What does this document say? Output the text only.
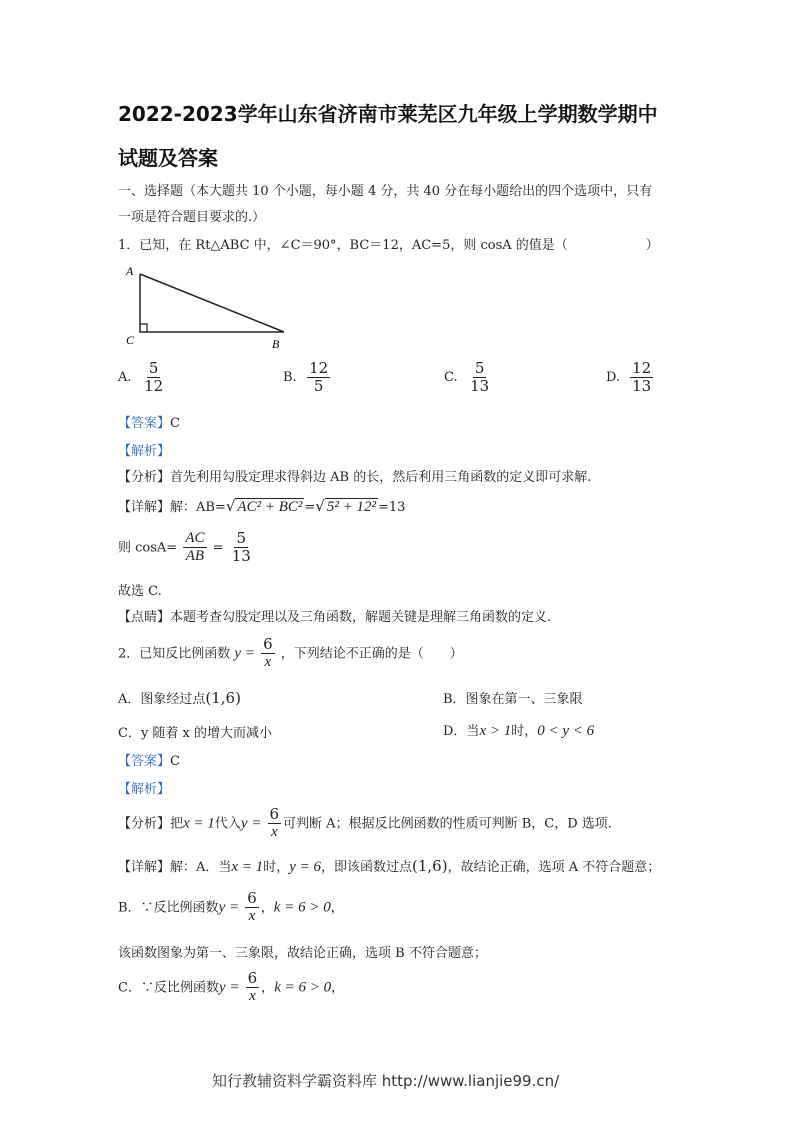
2022-2023学年山东省济南市莱芜区九年级上学期数学期中
试题及答案
一、选择题（本大题共 10 个小题，每小题 4 分，共 40 分在每小题给出的四个选项中，只有
一项是符合题目要求的.）
1．已知，在 Rt△ABC 中，∠C＝90°，BC＝12，AC=5，则 cosA 的值是（　　　　　　）
A
C	B
A. $\frac{5}{12}$	B. $\frac{12}{5}$	C. $\frac{5}{13}$	D. $\frac{12}{13}$
【答案】C
【解析】
【分析】首先利用勾股定理求得斜边 AB 的长，然后利用三角函数的定义即可求解.
【详解】解：AB=√ AC² + BC² =√ 5² + 12² =13
则 $\cos A= \frac{AC}{AB} = \frac{5}{13}$
故选 C.
【点睛】本题考查勾股定理以及三角函数，解题关键是理解三角函数的定义.
2．已知反比例函数 $y = \frac{6}{x}$ ，下列结论不正确的是（　　）
A．图象经过点(1,6)	B．图象在第一、三象限
C．y 随着 x 的增大而减小	D．当x > 1时，0 < y < 6
【答案】C
【解析】
【分析】把x = 1代入$y = \frac{6}{x}$ 可判断 A；根据反比例函数的性质可判断 B，C，D 选项.
【详解】解：A．当x = 1时，y = 6，即该函数过点(1,6)，故结论正确，选项 A 不符合题意；
B．∵反比例函数$y = \frac{6}{x}$ ，k = 6 > 0，
该函数图象为第一、三象限，故结论正确，选项 B 不符合题意；
C．∵反比例函数$y = \frac{6}{x}$ ，k = 6 > 0，
知行教辅资料学霸资料库 http://www.lianjie99.cn/
